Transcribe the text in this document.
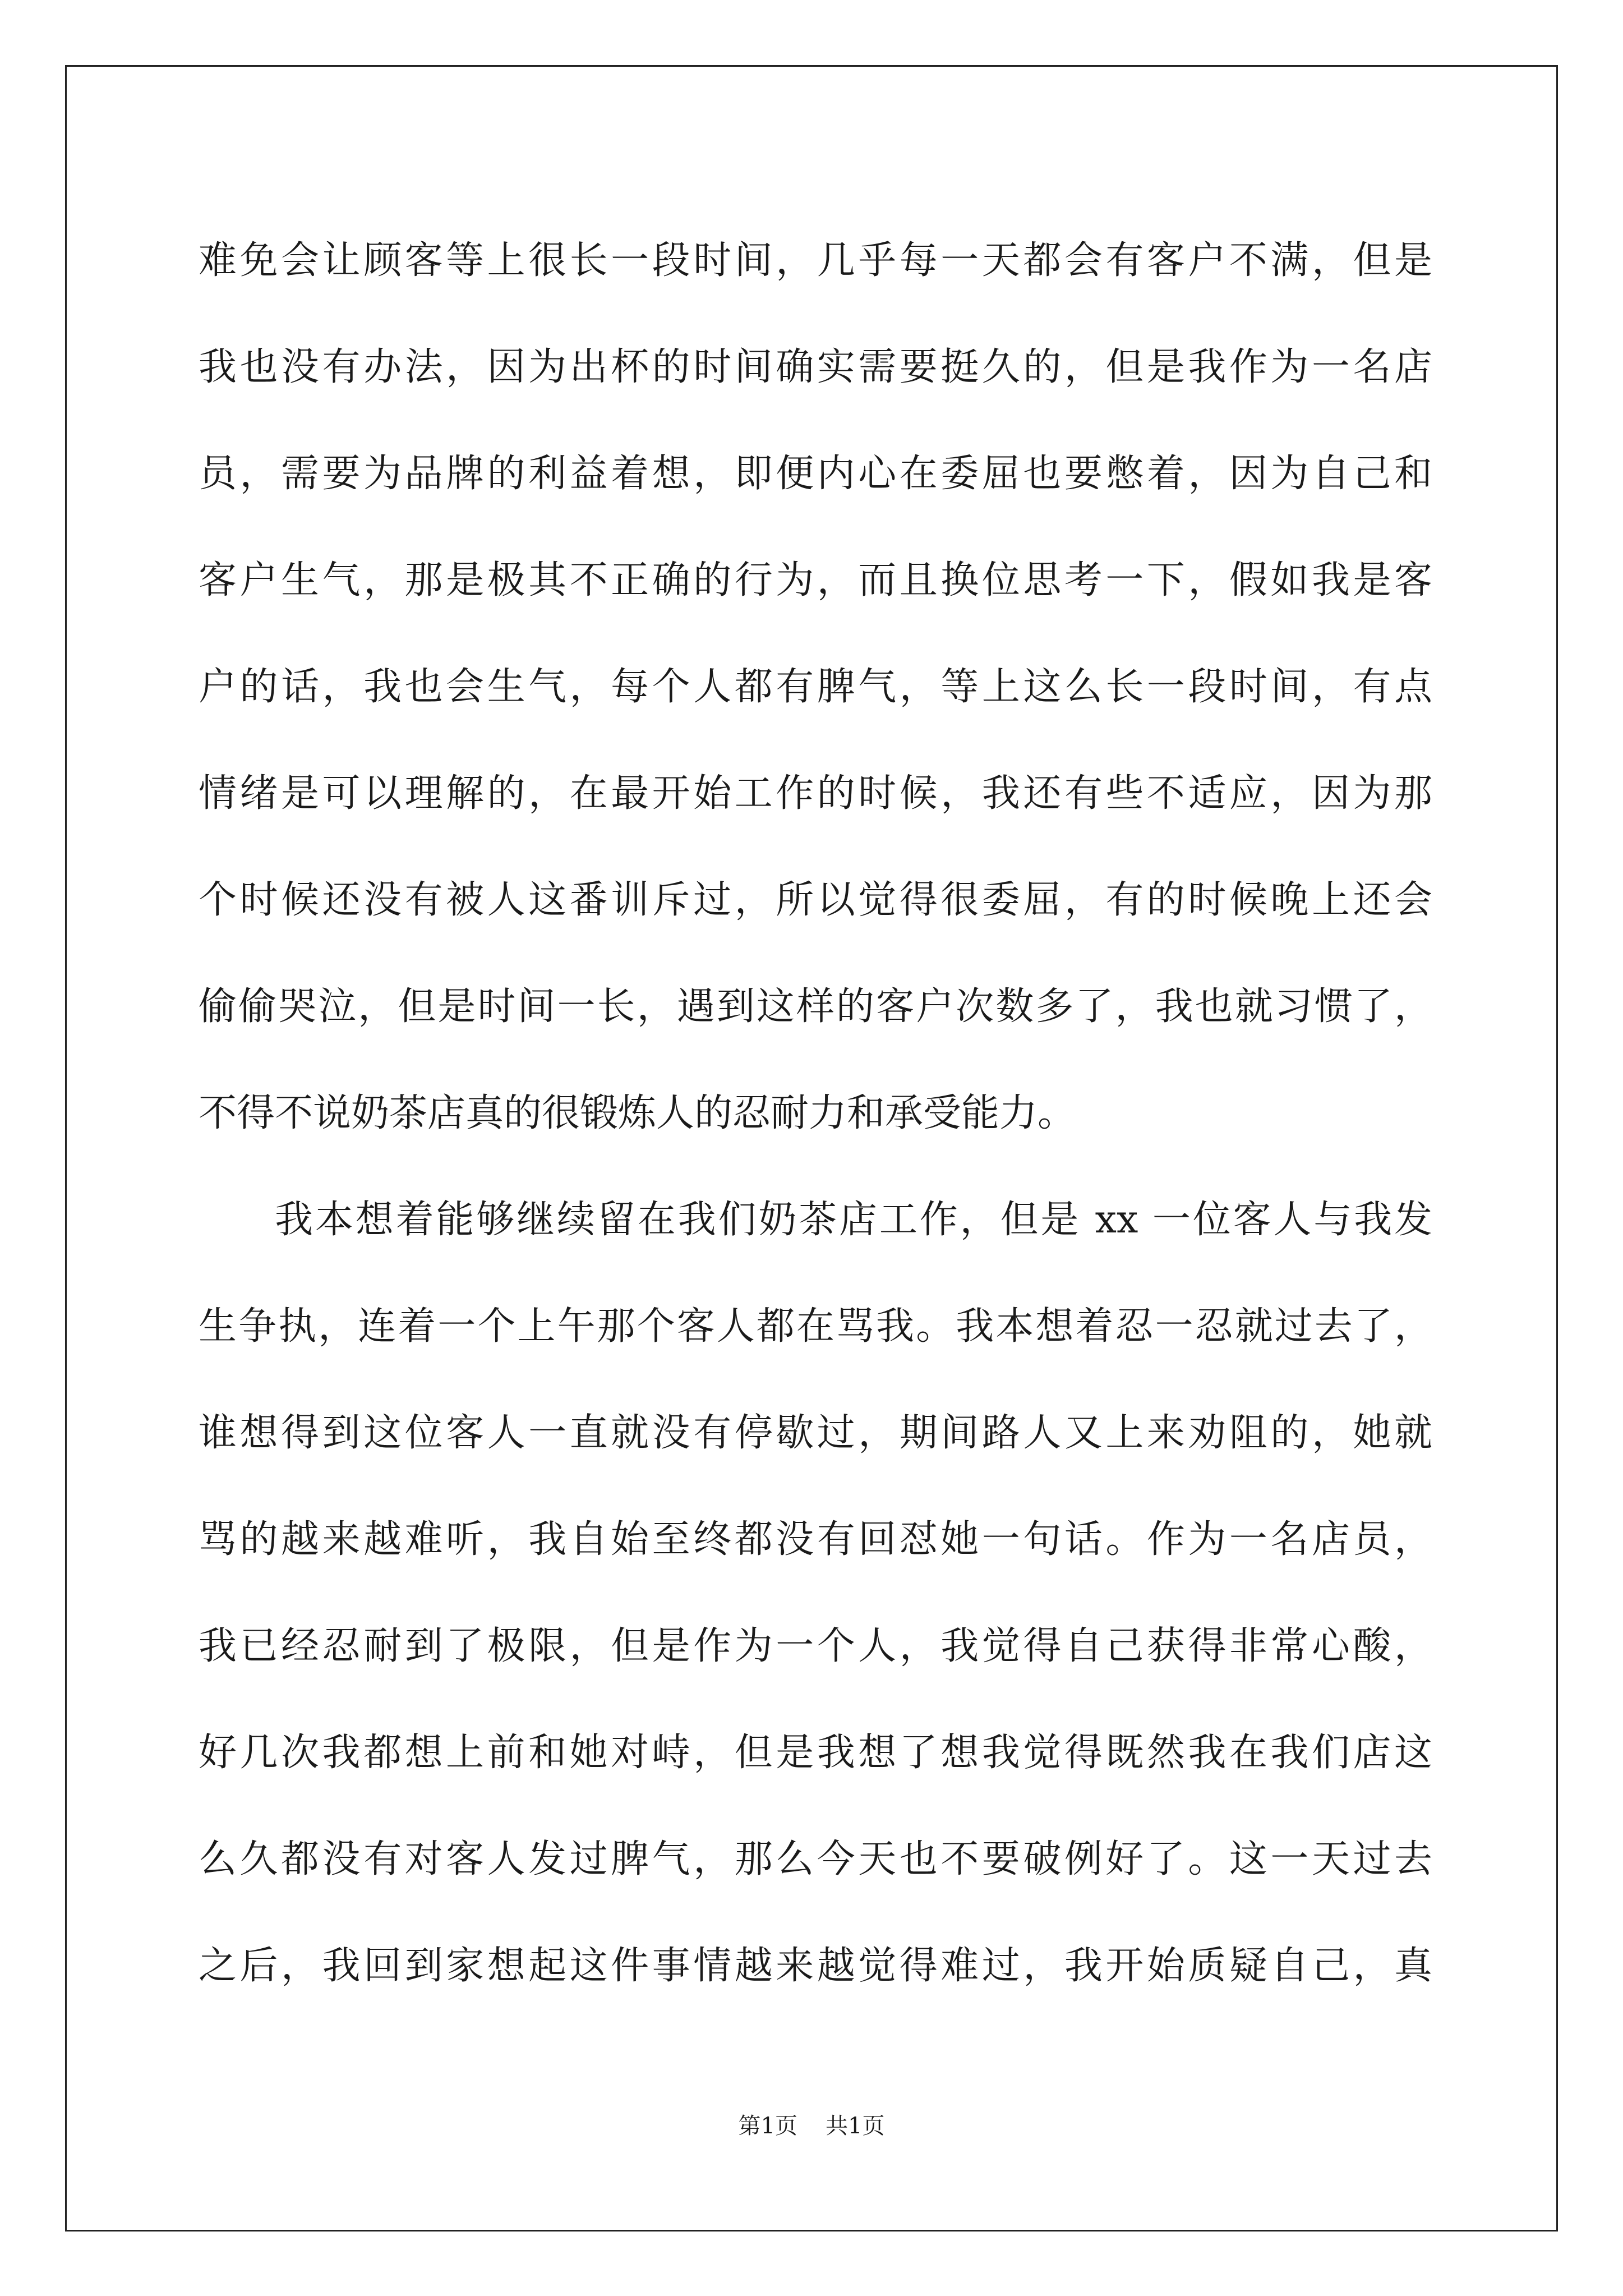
难免会让顾客等上很长一段时间，几乎每一天都会有客户不满，但是
我也没有办法，因为出杯的时间确实需要挺久的，但是我作为一名店
员，需要为品牌的利益着想，即便内心在委屈也要憋着，因为自己和
客户生气，那是极其不正确的行为，而且换位思考一下，假如我是客
户的话，我也会生气，每个人都有脾气，等上这么长一段时间，有点
情绪是可以理解的，在最开始工作的时候，我还有些不适应，因为那
个时候还没有被人这番训斥过，所以觉得很委屈，有的时候晚上还会
偷偷哭泣，但是时间一长，遇到这样的客户次数多了，我也就习惯了，
不得不说奶茶店真的很锻炼人的忍耐力和承受能力。
我本想着能够继续留在我们奶茶店工作，但是 xx 一位客人与我发
生争执，连着一个上午那个客人都在骂我。我本想着忍一忍就过去了，
谁想得到这位客人一直就没有停歇过，期间路人又上来劝阻的，她就
骂的越来越难听，我自始至终都没有回怼她一句话。作为一名店员，
我已经忍耐到了极限，但是作为一个人，我觉得自己获得非常心酸，
好几次我都想上前和她对峙，但是我想了想我觉得既然我在我们店这
么久都没有对客人发过脾气，那么今天也不要破例好了。这一天过去
之后，我回到家想起这件事情越来越觉得难过，我开始质疑自己，真
第1页 共1页
